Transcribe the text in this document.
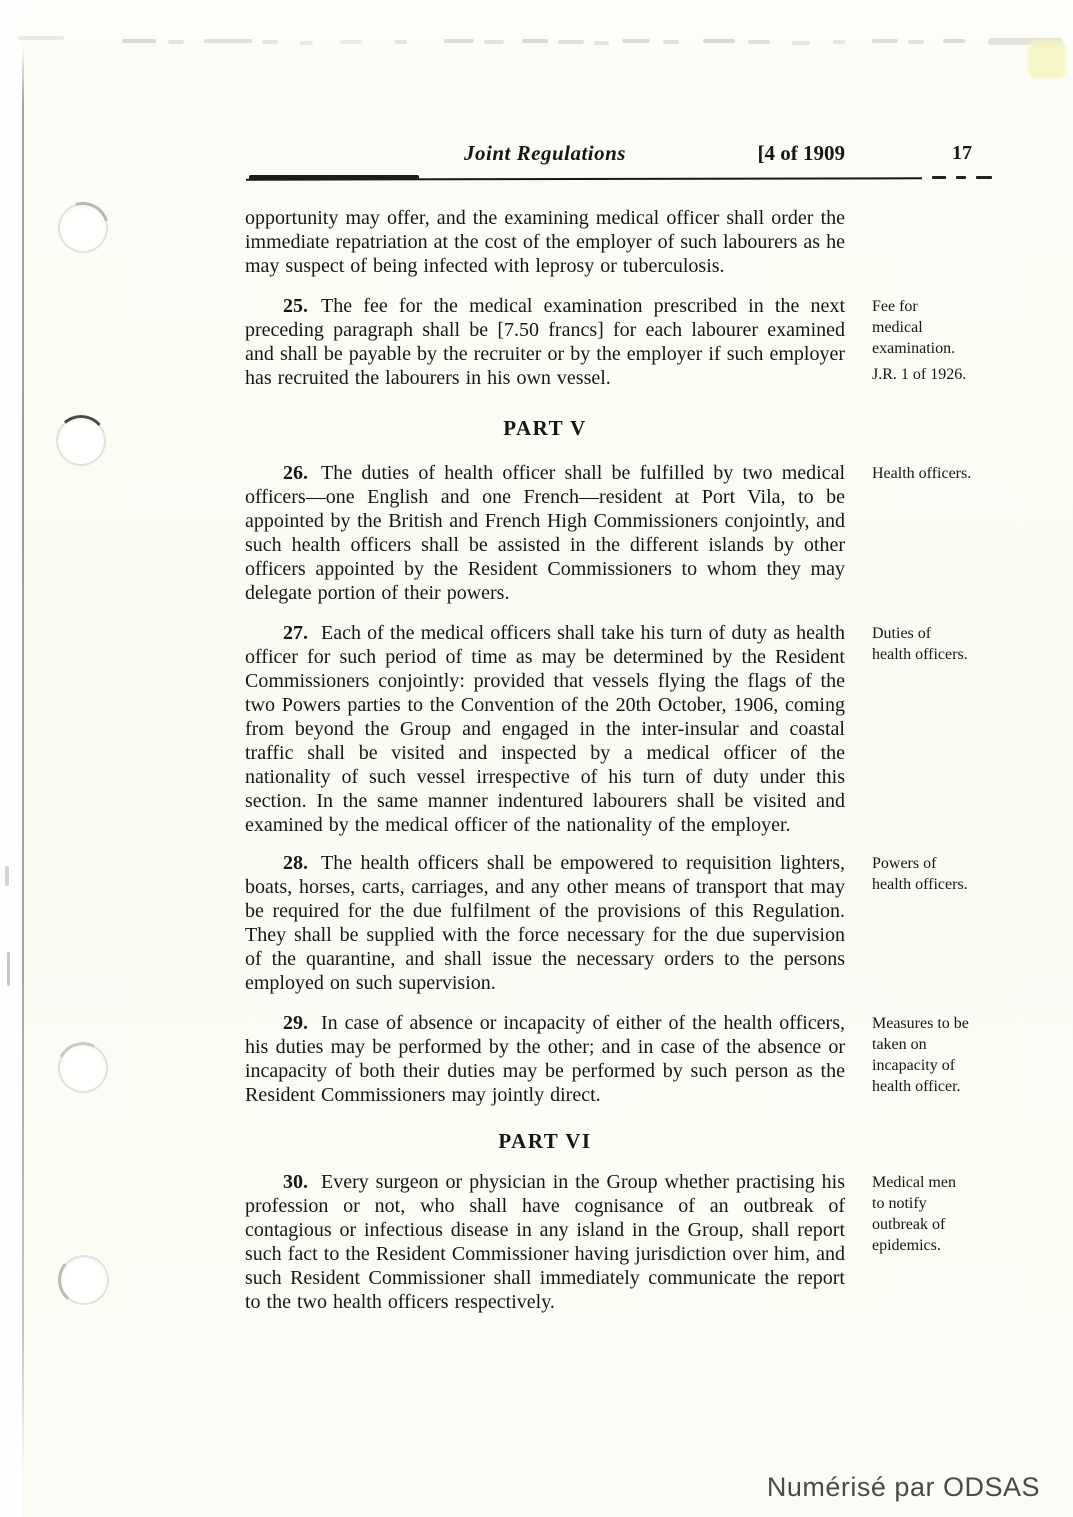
Joint Regulations	[4 of 1909	17

opportunity may offer, and the examining medical officer shall order the immediate repatriation at the cost of the employer of such labourers as he may suspect of being infected with leprosy or tuberculosis.

25. The fee for the medical examination prescribed in the next preceding paragraph shall be [7.50 francs] for each labourer examined and shall be payable by the recruiter or by the employer if such employer has recruited the labourers in his own vessel.

Fee for medical examination.
J.R. 1 of 1926.
PART V

26. The duties of health officer shall be fulfilled by two medical officers—one English and one French—resident at Port Vila, to be appointed by the British and French High Commissioners conjointly, and such health officers shall be assisted in the different islands by other officers appointed by the Resident Commissioners to whom they may delegate portion of their powers.

Health officers.

27. Each of the medical officers shall take his turn of duty as health officer for such period of time as may be determined by the Resident Commissioners conjointly: provided that vessels flying the flags of the two Powers parties to the Convention of the 20th October, 1906, coming from beyond the Group and engaged in the inter-insular and coastal traffic shall be visited and inspected by a medical officer of the nationality of such vessel irrespective of his turn of duty under this section. In the same manner indentured labourers shall be visited and examined by the medical officer of the nationality of the employer.

Duties of health officers.

28. The health officers shall be empowered to requisition lighters, boats, horses, carts, carriages, and any other means of transport that may be required for the due fulfilment of the provisions of this Regulation. They shall be supplied with the force necessary for the due supervision of the quarantine, and shall issue the necessary orders to the persons employed on such supervision.

Powers of health officers.

29. In case of absence or incapacity of either of the health officers, his duties may be performed by the other; and in case of the absence or incapacity of both their duties may be performed by such person as the Resident Commissioners may jointly direct.

Measures to be taken on incapacity of health officer.
PART VI

30. Every surgeon or physician in the Group whether practising his profession or not, who shall have cognisance of an outbreak of contagious or infectious disease in any island in the Group, shall report such fact to the Resident Commissioner having jurisdiction over him, and such Resident Commissioner shall immediately communicate the report to the two health officers respectively.

Medical men to notify outbreak of epidemics.
Numérisé par ODSAS
